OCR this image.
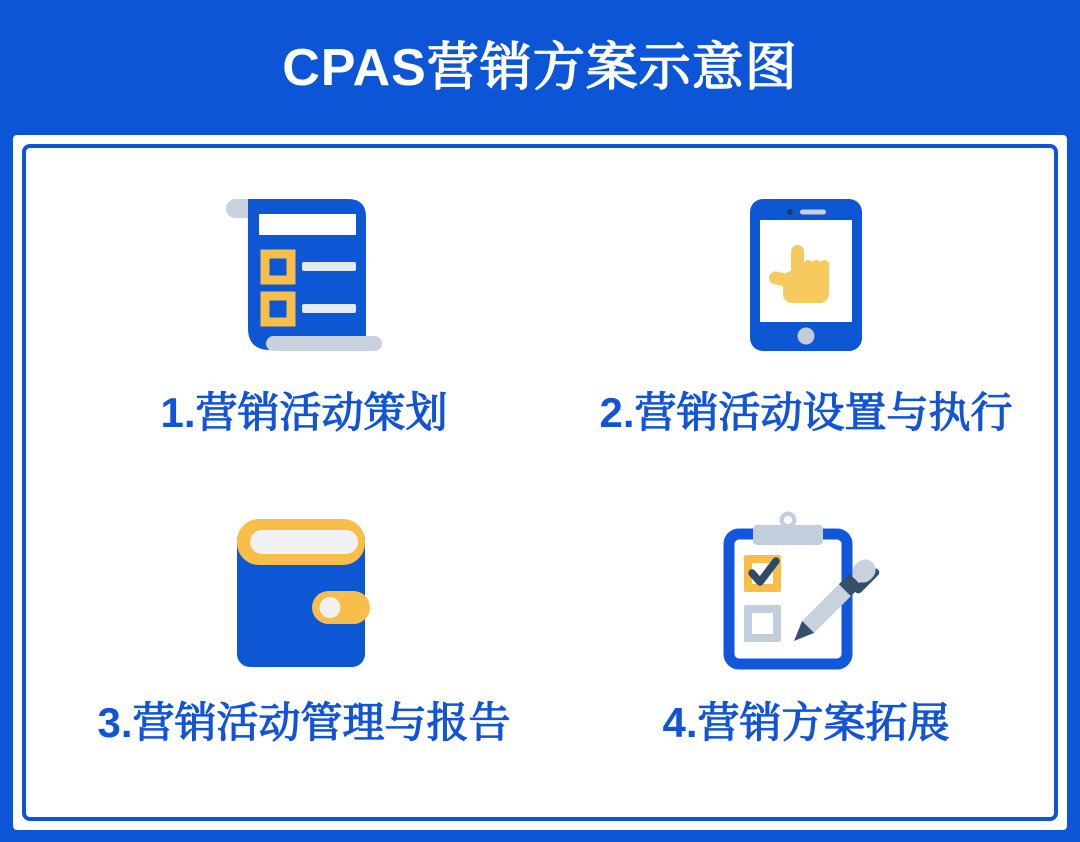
CPAS营销方案示意图
1.营销活动策划	2.营销活动设置与执行
3.营销活动管理与报告	4.营销方案拓展
